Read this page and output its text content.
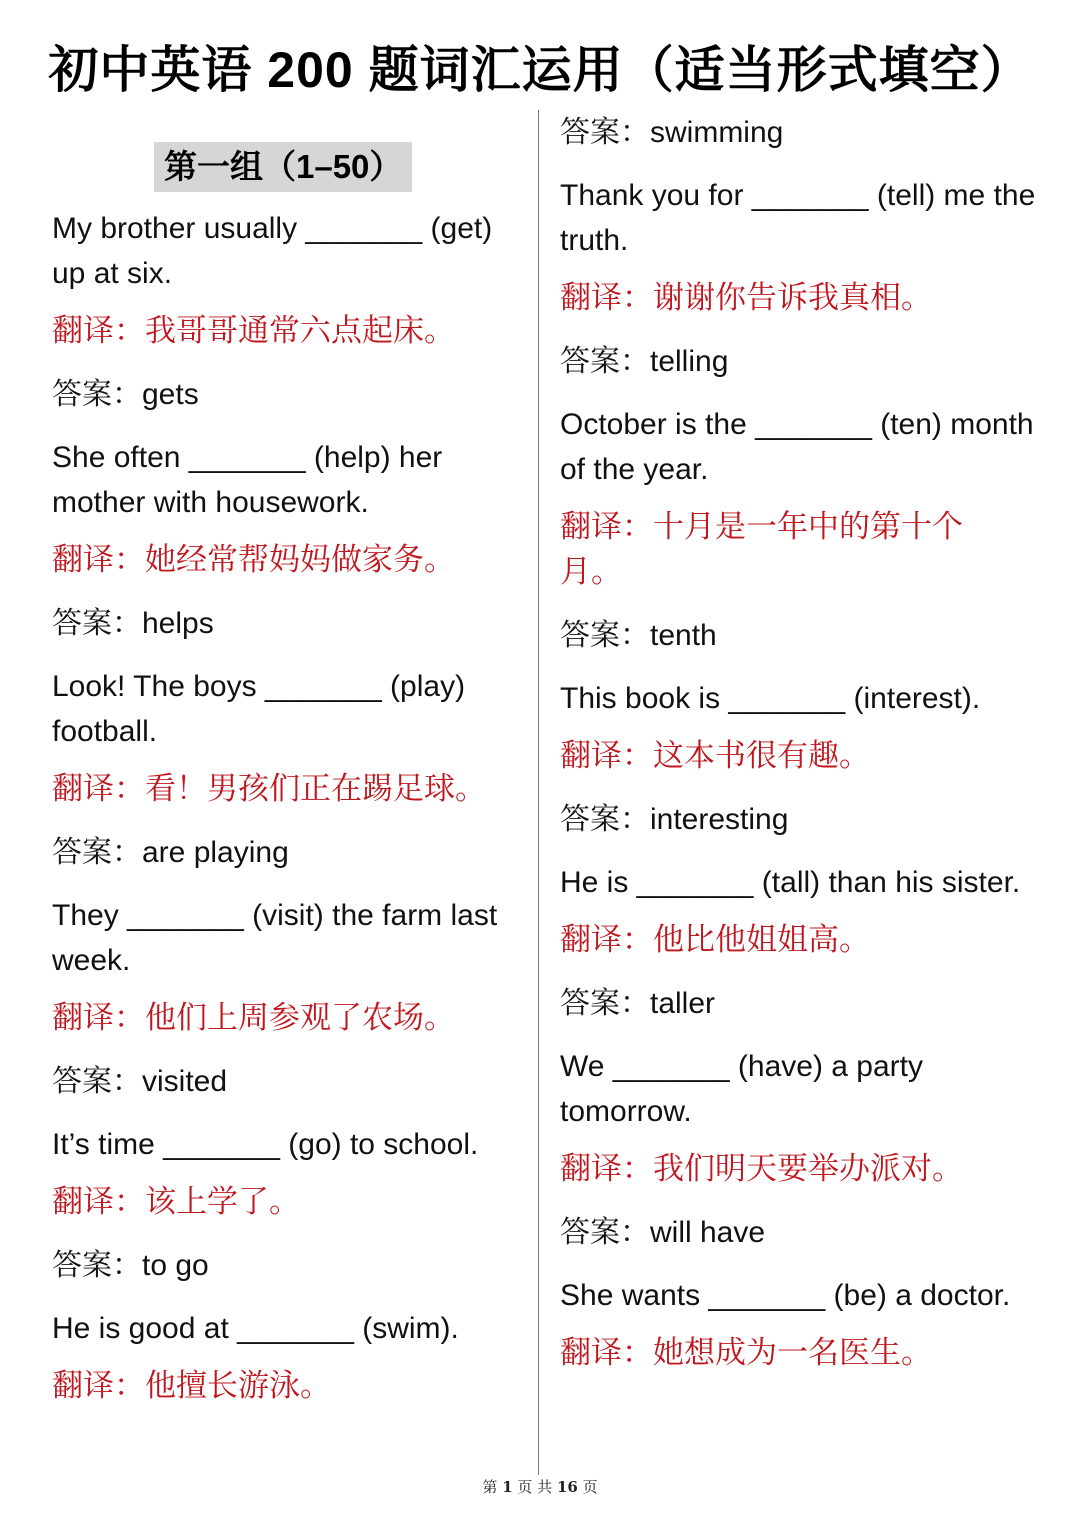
初中英语 200 题词汇运用（适当形式填空）
第一组（1–50）

My brother usually _______ (get) up at six.

翻译：我哥哥通常六点起床。

答案：gets

She often _______ (help) her mother with housework.

翻译：她经常帮妈妈做家务。

答案：helps

Look! The boys _______ (play) football.

翻译：看！男孩们正在踢足球。

答案：are playing

They _______ (visit) the farm last week.

翻译：他们上周参观了农场。

答案：visited

It’s time _______ (go) to school.

翻译：该上学了。

答案：to go

He is good at _______ (swim).

翻译：他擅长游泳。

答案：swimming

Thank you for _______ (tell) me the truth.

翻译：谢谢你告诉我真相。

答案：telling

October is the _______ (ten) month of the year.

翻译：十月是一年中的第十个月。

答案：tenth

This book is _______ (interest).

翻译：这本书很有趣。

答案：interesting

He is _______ (tall) than his sister.

翻译：他比他姐姐高。

答案：taller

We _______ (have) a party tomorrow.

翻译：我们明天要举办派对。

答案：will have

She wants _______ (be) a doctor.

翻译：她想成为一名医生。

第 1 页 共 16 页
